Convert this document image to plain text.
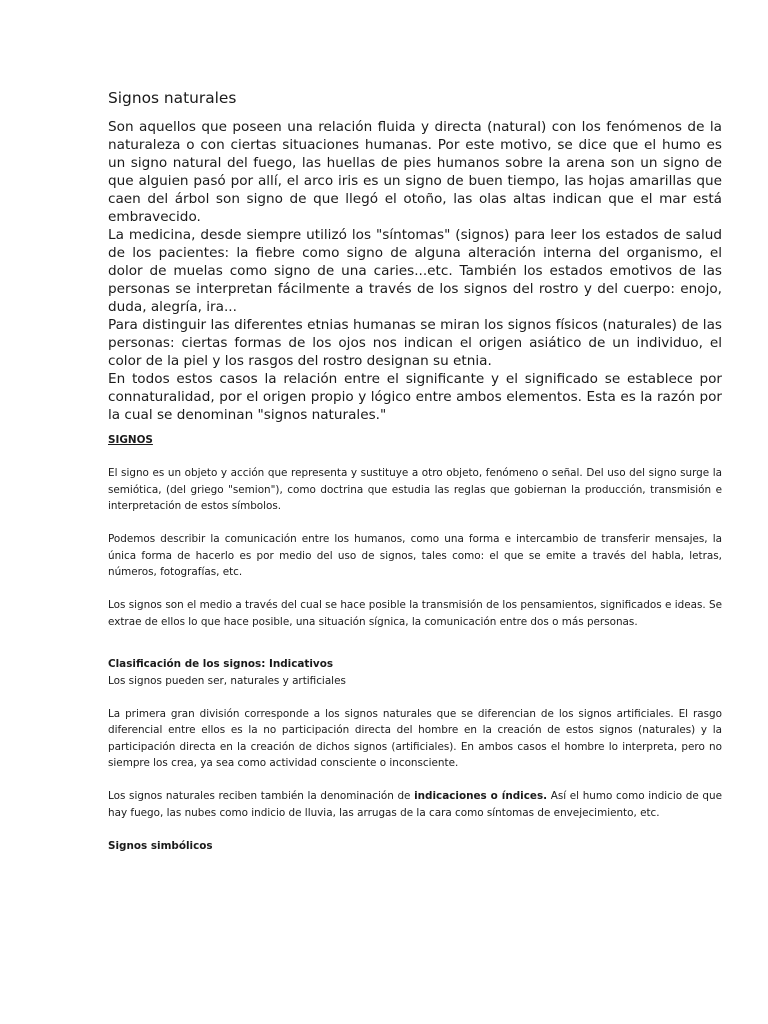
Signos naturales

Son aquellos que poseen una relación fluida y directa (natural) con los fenómenos de la naturaleza o con ciertas situaciones humanas. Por este motivo, se dice que el humo es un signo natural del fuego, las huellas de pies humanos sobre la arena son un signo de que alguien pasó por allí, el arco iris es un signo de buen tiempo, las hojas amarillas que caen del árbol son signo de que llegó el otoño, las olas altas indican que el mar está embravecido.

La medicina, desde siempre utilizó los "síntomas" (signos) para leer los estados de salud de los pacientes: la fiebre como signo de alguna alteración interna del organismo, el dolor de muelas como signo de una caries...etc. También los estados emotivos de las personas se interpretan fácilmente a través de los signos del rostro y del cuerpo: enojo, duda, alegría, ira...

Para distinguir las diferentes etnias humanas se miran los signos físicos (naturales) de las personas: ciertas formas de los ojos nos indican el origen asiático de un individuo, el color de la piel y los rasgos del rostro designan su etnia.

En todos estos casos la relación entre el significante y el significado se establece por connaturalidad, por el origen propio y lógico entre ambos elementos. Esta es la razón por la cual se denominan "signos naturales."

SIGNOS

El signo es un objeto y acción que representa y sustituye a otro objeto, fenómeno o señal. Del uso del signo surge la semiótica, (del griego "semion"), como doctrina que estudia las reglas que gobiernan la producción, transmisión e interpretación de estos símbolos.

Podemos describir la comunicación entre los humanos, como una forma e intercambio de transferir mensajes, la única forma de hacerlo es por medio del uso de signos, tales como: el que se emite a través del habla, letras, números, fotografías, etc.

Los signos son el medio a través del cual se hace posible la transmisión de los pensamientos, significados e ideas. Se extrae de ellos lo que hace posible, una situación sígnica, la comunicación entre dos o más personas.

Clasificación de los signos: Indicativos

Los signos pueden ser, naturales y artificiales

La primera gran división corresponde a los signos naturales que se diferencian de los signos artificiales. El rasgo diferencial entre ellos es la no participación directa del hombre en la creación de estos signos (naturales) y la participación directa en la creación de dichos signos (artificiales). En ambos casos el hombre lo interpreta, pero no siempre los crea, ya sea como actividad consciente o inconsciente.

Los signos naturales reciben también la denominación de indicaciones o índices. Así el humo como indicio de que hay fuego, las nubes como indicio de lluvia, las arrugas de la cara como síntomas de envejecimiento, etc.

Signos simbólicos
